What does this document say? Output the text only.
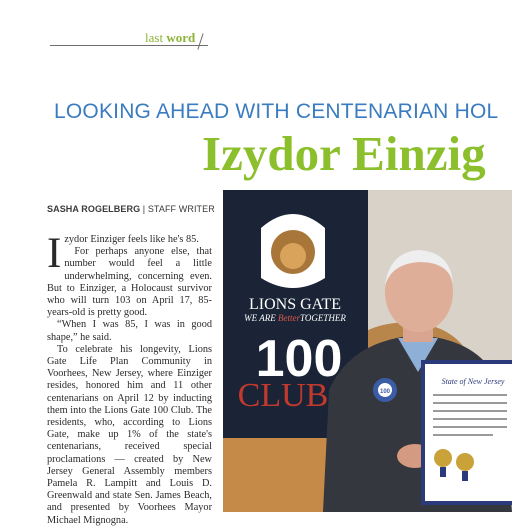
last word
LOOKING AHEAD WITH CENTENARIAN HOL
Izydor Einzig
SASHA ROGELBERG | STAFF WRITER

Izydor Einziger feels like he's 85.

For perhaps anyone else, that number would feel a little underwhelming, concerning even. But to Einziger, a Holocaust survivor who will turn 103 on April 17, 85-years-old is pretty good.

“When I was 85, I was in good shape,” he said.

To celebrate his longevity, Lions Gate Life Plan Community in Voorhees, New Jersey, where Einziger resides, honored him and 11 other centenarians on April 12 by inducting them into the Lions Gate 100 Club. The residents, who, according to Lions Gate, make up 1% of the state's centenarians, received special proclamations — created by New Jersey General Assembly members Pamela R. Lampitt and Louis D. Greenwald and state Sen. James Beach, and presented by Voorhees Mayor Michael Mignogna.

LIONS GATE
WE ARE BetterTOGETHER
100
CLUB	100
State of New Jersey
